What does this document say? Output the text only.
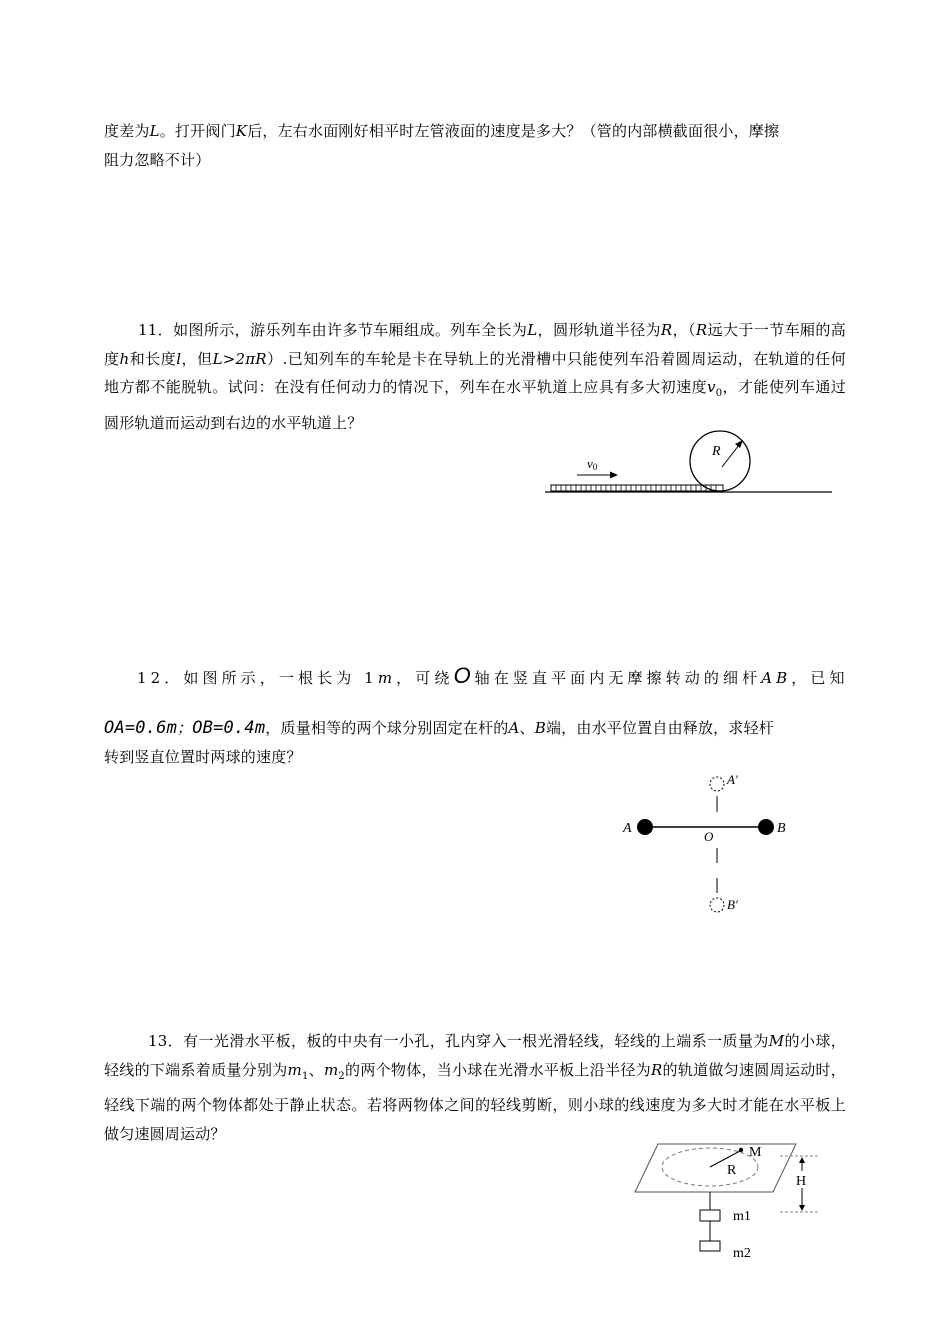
度差为L。打开阀门K后，左右水面刚好相平时左管液面的速度是多大？（管的内部横截面很小，摩擦
阻力忽略不计）
11．如图所示，游乐列车由许多节车厢组成。列车全长为L，圆形轨道半径为R，（R远大于一节车厢的高度h和长度l，但L>2πR）.已知列车的车轮是卡在导轨上的光滑槽中只能使列车沿着圆周运动，在轨道的任何地方都不能脱轨。试问：在没有任何动力的情况下，列车在水平轨道上应具有多大初速度$v_0$，才能使列车通过圆形轨道而运动到右边的水平轨道上？
R
v0
12．如图所示，一根长为 1m，可绕O轴在竖直平面内无摩擦转动的细杆AB，已知
OA=0.6m；OB=0.4m，质量相等的两个球分别固定在杆的A、B端，由水平位置自由释放，求轻杆
转到竖直位置时两球的速度？
A	B
O
A′
B′
13．有一光滑水平板，板的中央有一小孔，孔内穿入一根光滑轻线，轻线的上端系一质量为M的小球，轻线的下端系着质量分别为$m_1$、$m_2$的两个物体，当小球在光滑水平板上沿半径为R的轨道做匀速圆周运动时，轻线下端的两个物体都处于静止状态。若将两物体之间的轻线剪断，则小球的线速度为多大时才能在水平板上做匀速圆周运动？
M
R
m1
m2
H
